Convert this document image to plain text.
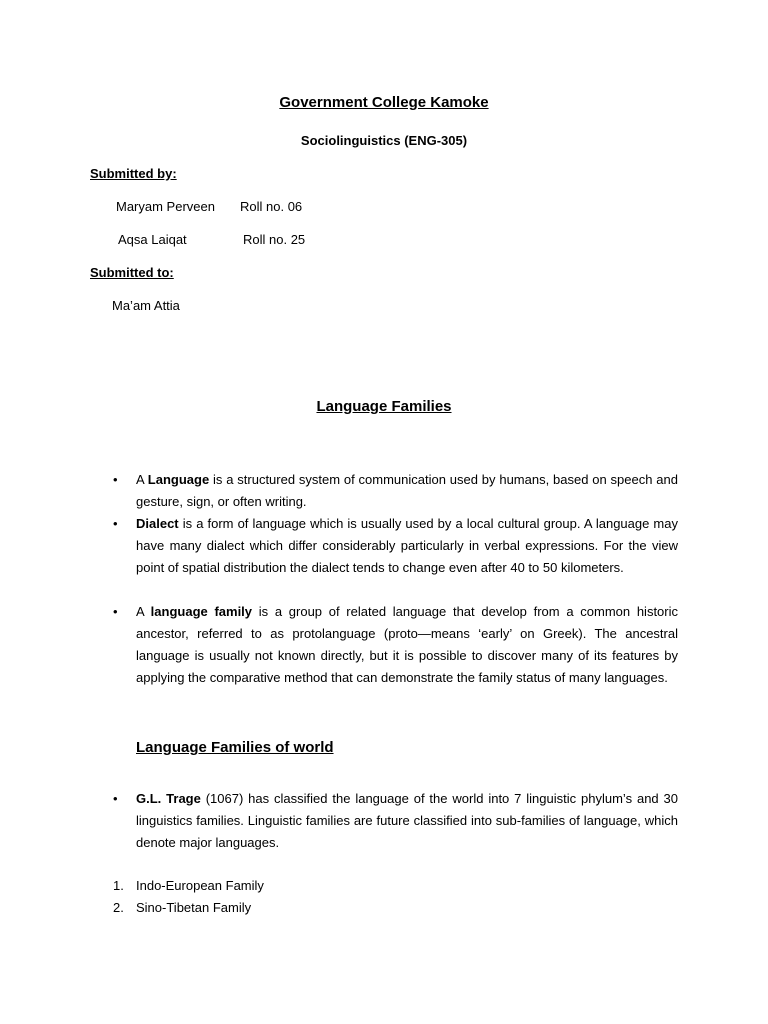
Government College Kamoke
Sociolinguistics (ENG-305)
Submitted by:
Maryam Perveen Roll no. 06
Aqsa Laiqat	Roll no. 25
Submitted to:
Ma’am Attia
Language Families
• A Language is a structured system of communication used by humans, based on speech and gesture, sign, or often writing.
• Dialect is a form of language which is usually used by a local cultural group. A language may have many dialect which differ considerably particularly in verbal expressions. For the view point of spatial distribution the dialect tends to change even after 40 to 50 kilometers.
• A language family is a group of related language that develop from a common historic ancestor, referred to as protolanguage (proto—means ‘early’ on Greek). The ancestral language is usually not known directly, but it is possible to discover many of its features by applying the comparative method that can demonstrate the family status of many languages.
Language Families of world
• G.L. Trage (1067) has classified the language of the world into 7 linguistic phylum’s and 30 linguistics families. Linguistic families are future classified into sub-families of language, which denote major languages.
1. Indo-European Family
2. Sino-Tibetan Family
